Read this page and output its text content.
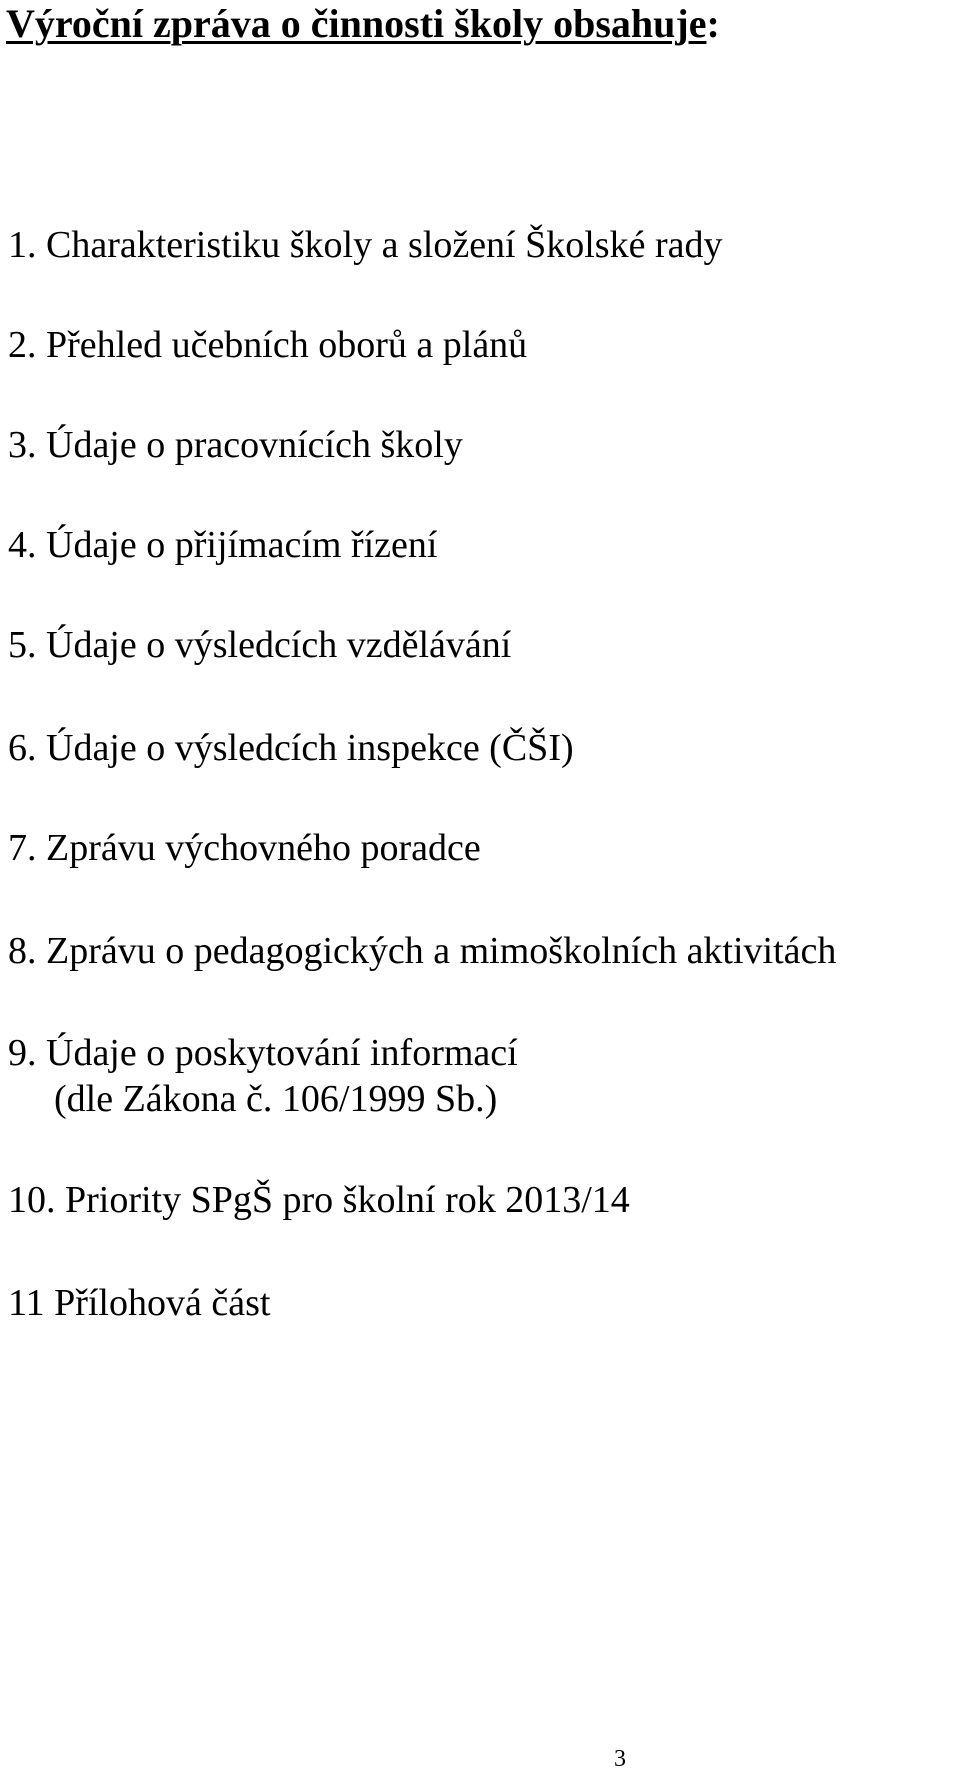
Výroční zpráva o činnosti školy obsahuje:

1. Charakteristiku školy a složení Školské rady

2. Přehled učebních oborů a plánů

3. Údaje o pracovnících školy

4. Údaje o přijímacím řízení

5. Údaje o výsledcích vzdělávání

6. Údaje o výsledcích inspekce (ČŠI)

7. Zprávu výchovného poradce

8. Zprávu o pedagogických a mimoškolních aktivitách

9. Údaje o poskytování informací
(dle Zákona č. 106/1999 Sb.)

10. Priority SPgŠ pro školní rok 2013/14

11 Přílohová část

3
